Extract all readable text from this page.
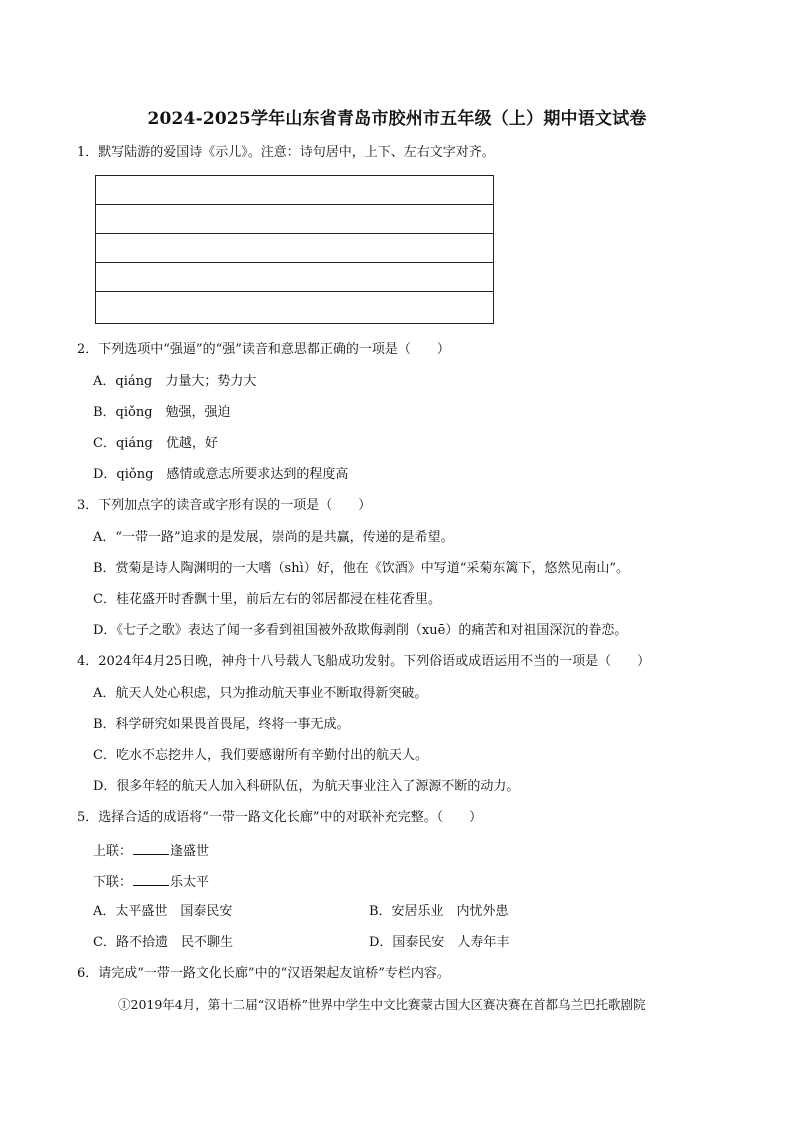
2024-2025学年山东省青岛市胶州市五年级（上）期中语文试卷
1．默写陆游的爱国诗《示儿》。注意：诗句居中，上下、左右文字对齐。
2．下列选项中“强逼”的“强”读音和意思都正确的一项是（　　）
A．qiáng　力量大；势力大
B．qiǒng　勉强，强迫
C．qiáng　优越，好
D．qiǒng　感情或意志所要求达到的程度高
3．下列加点字的读音或字形有误的一项是（　　）
A．“一带一路”追求的是发展，崇尚的是共赢，传递的是希望。
B．赏菊是诗人陶渊明的一大嗜（shì）好，他在《饮酒》中写道“采菊东篱下，悠然见南山”。
C．桂花盛开时香飘十里，前后左右的邻居都浸在桂花香里。
D．《七子之歌》表达了闻一多看到祖国被外敌欺侮剥削（xuē）的痛苦和对祖国深沉的眷恋。
4．2024年4月25日晚，神舟十八号载人飞船成功发射。下列俗语或成语运用不当的一项是（　　）
A．航天人处心积虑，只为推动航天事业不断取得新突破。
B．科学研究如果畏首畏尾，终将一事无成。
C．吃水不忘挖井人，我们要感谢所有辛勤付出的航天人。
D．很多年轻的航天人加入科研队伍，为航天事业注入了源源不断的动力。
5．选择合适的成语将“一带一路文化长廊”中的对联补充完整。（　　）
上联：	逢盛世
下联：	乐太平
A．太平盛世　国泰民安	B．安居乐业　内忧外患
C．路不拾遗　民不聊生	D．国泰民安　人寿年丰
6．请完成“一带一路文化长廊”中的“汉语架起友谊桥”专栏内容。
①2019年4月，第十二届“汉语桥”世界中学生中文比赛蒙古国大区赛决赛在首都乌兰巴托歌剧院
